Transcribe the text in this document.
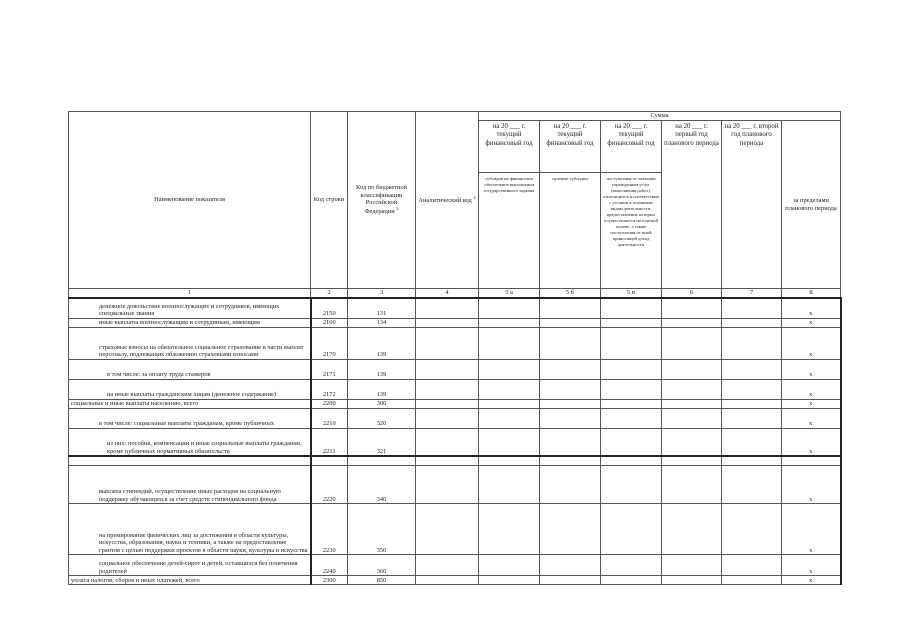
Наименование показателя	Код строки	Код по бюджетной классификации Российской Федерации $^3$	Аналитический код $^4$	Сумма					
				на 20 ___ г. текущий финансовый год	на 20 ___ г. текущий финансовый год	на 20 ___ г. текущий финансовый год	на 20 ___ г. первый год планового периода	на 20 ___ г. второй год планового периода	за пределами планового периода
				субсидия на финансовое обеспечение выполнения государственного задания	целевые субсидии	поступления от оказания учреждением услуг (выполнения работ), относящихся в соответствии с уставом к основным видам деятельности, предоставление которых осуществляется на платной основе, а также поступления от иной приносящей доход деятельности			
1	2	3	4	5 а	5 б	5 в	6	7	8
денежное довольствие военнослужащих и сотрудников, имеющих специальные звания	2150	131							х
иные выплаты военнослужащим и сотрудникам, имеющим	2160	134							х
страховые взносы на обязательное социальное страхование в части выплат персоналу, подлежащих обложению страховыми взносами	2170	139							х
в том числе: за оплату труда стажеров	2171	139							х
на иные выплаты гражданским лицам (денежное содержание)	2172	139							х
социальные и иные выплаты населению, всего	2200	300							х
в том числе: социальные выплаты гражданам, кроме публичных	2210	320							х
из них: пособия, компенсации и иные социальные выплаты гражданам, кроме публичных нормативных обязательств	2211	321							х

выплата стипендий, осуществление иных расходов на социальную поддержку обучающихся за счет средств стипендиального фонда	2220	340							х
на премирование физических лиц за достижения в области культуры, искусства, образования, науки и техники, а также на предоставление грантов с целью поддержки проектов в области науки, культуры и искусства	2230	350							х
социальное обеспечение детей-сирот и детей, оставшихся без попечения родителей	2240	360							х
уплата налогов, сборов и иных платежей, всего	2300	850							х
